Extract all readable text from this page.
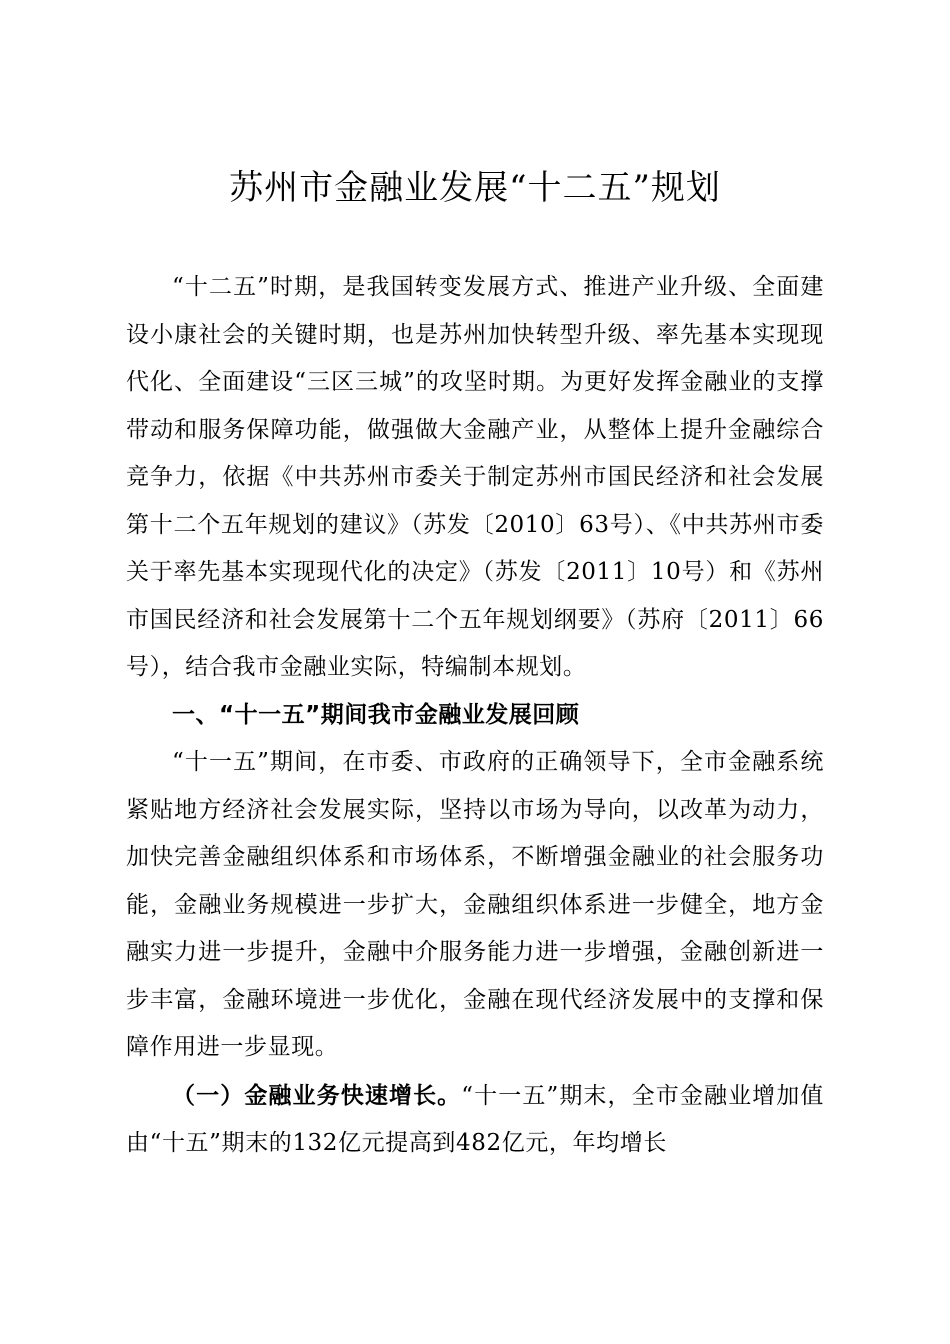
苏州市金融业发展“十二五”规划

“十二五”时期，是我国转变发展方式、推进产业升级、全面建设小康社会的关键时期，也是苏州加快转型升级、率先基本实现现代化、全面建设“三区三城”的攻坚时期。为更好发挥金融业的支撑带动和服务保障功能，做强做大金融产业，从整体上提升金融综合竞争力，依据《中共苏州市委关于制定苏州市国民经济和社会发展第十二个五年规划的建议》（苏发〔2010〕63号）、《中共苏州市委关于率先基本实现现代化的决定》（苏发〔2011〕10号）和《苏州市国民经济和社会发展第十二个五年规划纲要》（苏府〔2011〕66号），结合我市金融业实际，特编制本规划。

一、“十一五”期间我市金融业发展回顾

“十一五”期间，在市委、市政府的正确领导下，全市金融系统紧贴地方经济社会发展实际，坚持以市场为导向，以改革为动力，加快完善金融组织体系和市场体系，不断增强金融业的社会服务功能，金融业务规模进一步扩大，金融组织体系进一步健全，地方金融实力进一步提升，金融中介服务能力进一步增强，金融创新进一步丰富，金融环境进一步优化，金融在现代经济发展中的支撑和保障作用进一步显现。

（一）金融业务快速增长。“十一五”期末，全市金融业增加值由“十五”期末的132亿元提高到482亿元，年均增长
